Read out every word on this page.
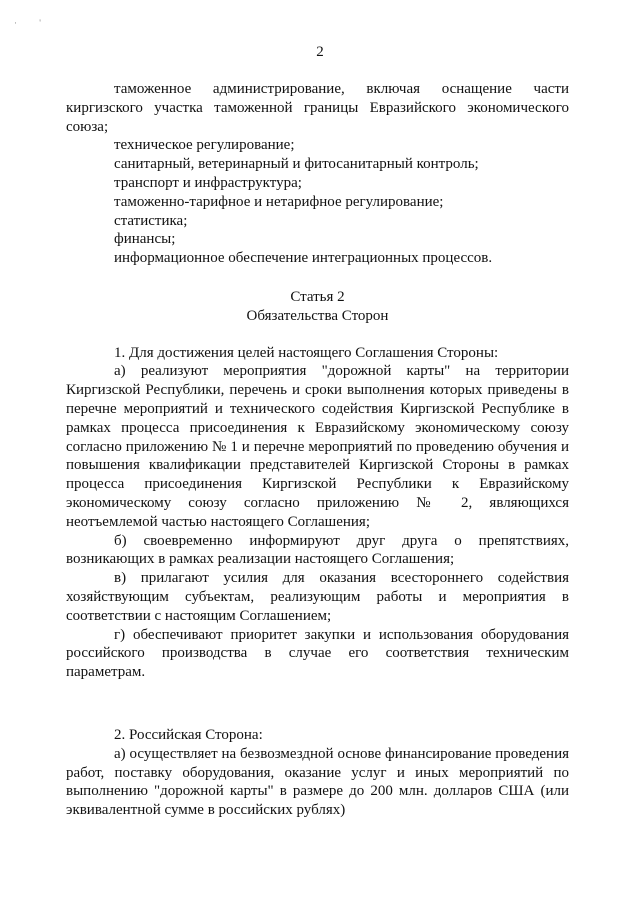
· '
2

таможенное администрирование, включая оснащение части киргизского участка таможенной границы Евразийского экономического союза;

техническое регулирование;

санитарный, ветеринарный и фитосанитарный контроль;

транспорт и инфраструктура;

таможенно-тарифное и нетарифное регулирование;

статистика;

финансы;

информационное обеспечение интеграционных процессов.

Статья 2

Обязательства Сторон

1. Для достижения целей настоящего Соглашения Стороны:

а) реализуют мероприятия "дорожной карты" на территории Киргизской Республики, перечень и сроки выполнения которых приведены в перечне мероприятий и технического содействия Киргизской Республике в рамках процесса присоединения к Евразийскому экономическому союзу согласно приложению № 1 и перечне мероприятий по проведению обучения и повышения квалификации представителей Киргизской Стороны в рамках процесса присоединения Киргизской Республики к Евразийскому экономическому союзу согласно приложению № 2, являющихся неотъемлемой частью настоящего Соглашения;

б) своевременно информируют друг друга о препятствиях, возникающих в рамках реализации настоящего Соглашения;

в) прилагают усилия для оказания всестороннего содействия хозяйствующим субъектам, реализующим работы и мероприятия в соответствии с настоящим Соглашением;

г) обеспечивают приоритет закупки и использования оборудования российского производства в случае его соответствия техническим параметрам.

2. Российская Сторона:

а) осуществляет на безвозмездной основе финансирование проведения работ, поставку оборудования, оказание услуг и иных мероприятий по выполнению "дорожной карты" в размере до 200 млн. долларов США (или эквивалентной сумме в российских рублях)
